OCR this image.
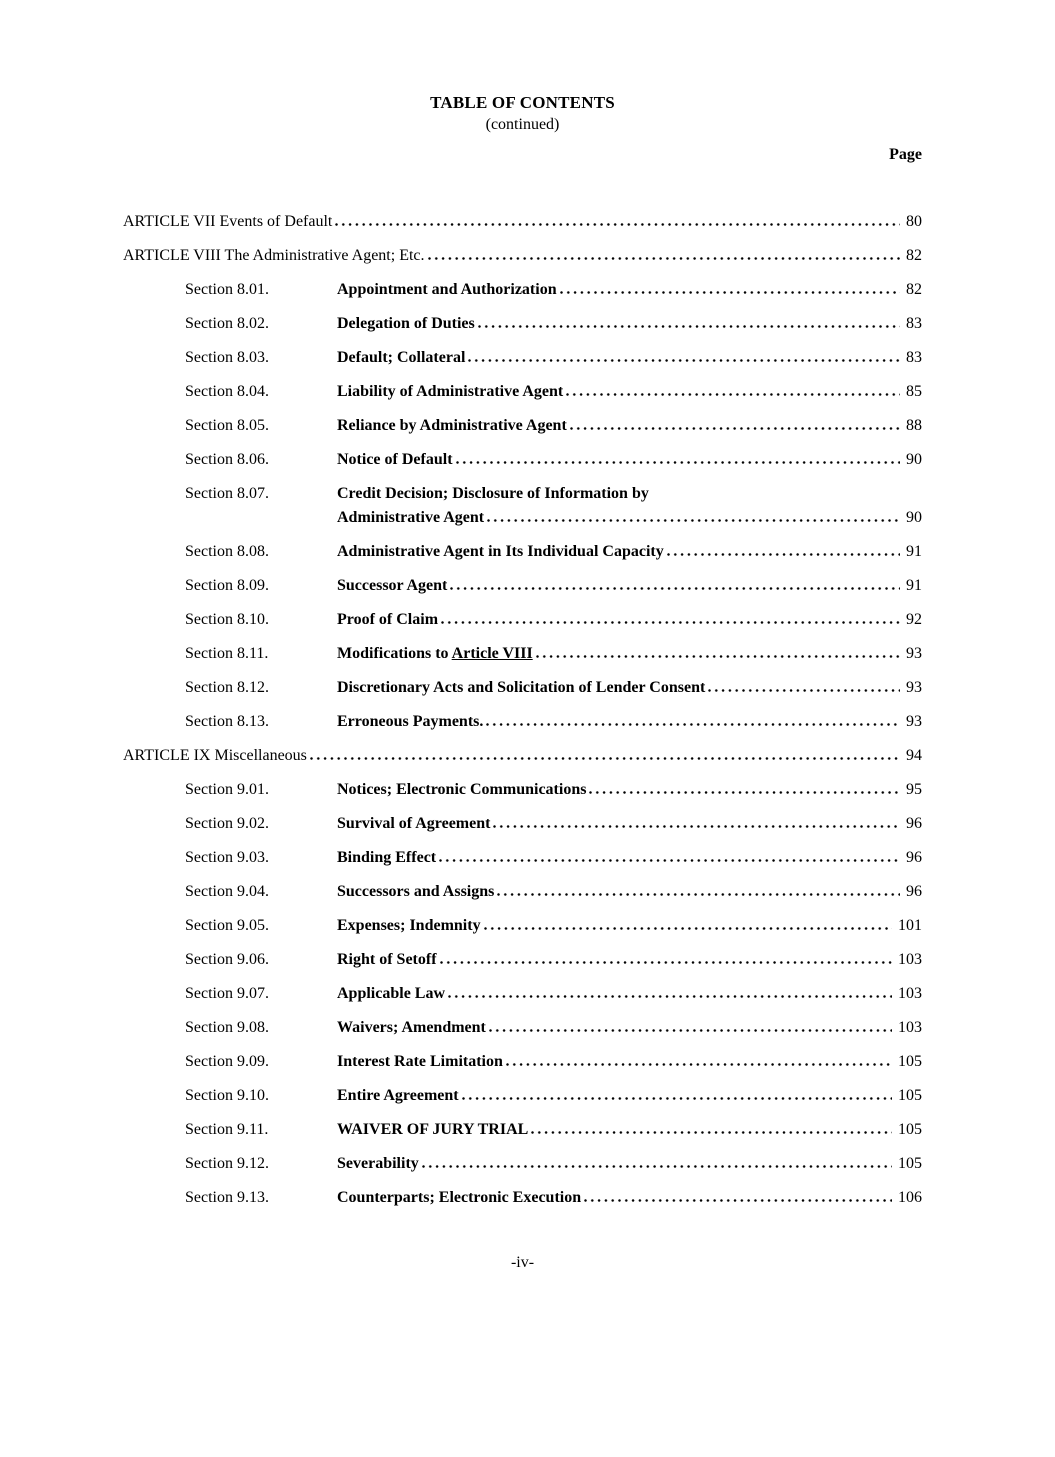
TABLE OF CONTENTS
(continued)
Page
ARTICLE VII Events of Default	80
ARTICLE VIII The Administrative Agent; Etc.	82
Section 8.01.	Appointment and Authorization	82
Section 8.02.	Delegation of Duties	83
Section 8.03.	Default; Collateral	83
Section 8.04.	Liability of Administrative Agent	85
Section 8.05.	Reliance by Administrative Agent	88
Section 8.06.	Notice of Default	90
Section 8.07.	Credit Decision; Disclosure of Information by
Administrative Agent	90
Section 8.08.	Administrative Agent in Its Individual Capacity	91
Section 8.09.	Successor Agent	91
Section 8.10.	Proof of Claim	92
Section 8.11.	Modifications to Article VIII	93
Section 8.12.	Discretionary Acts and Solicitation of Lender Consent	93
Section 8.13.	Erroneous Payments.	93
ARTICLE IX Miscellaneous	94
Section 9.01.	Notices; Electronic Communications	95
Section 9.02.	Survival of Agreement	96
Section 9.03.	Binding Effect	96
Section 9.04.	Successors and Assigns	96
Section 9.05.	Expenses; Indemnity	101
Section 9.06.	Right of Setoff	103
Section 9.07.	Applicable Law	103
Section 9.08.	Waivers; Amendment	103
Section 9.09.	Interest Rate Limitation	105
Section 9.10.	Entire Agreement	105
Section 9.11.	WAIVER OF JURY TRIAL	105
Section 9.12.	Severability	105
Section 9.13.	Counterparts; Electronic Execution	106
-iv-
